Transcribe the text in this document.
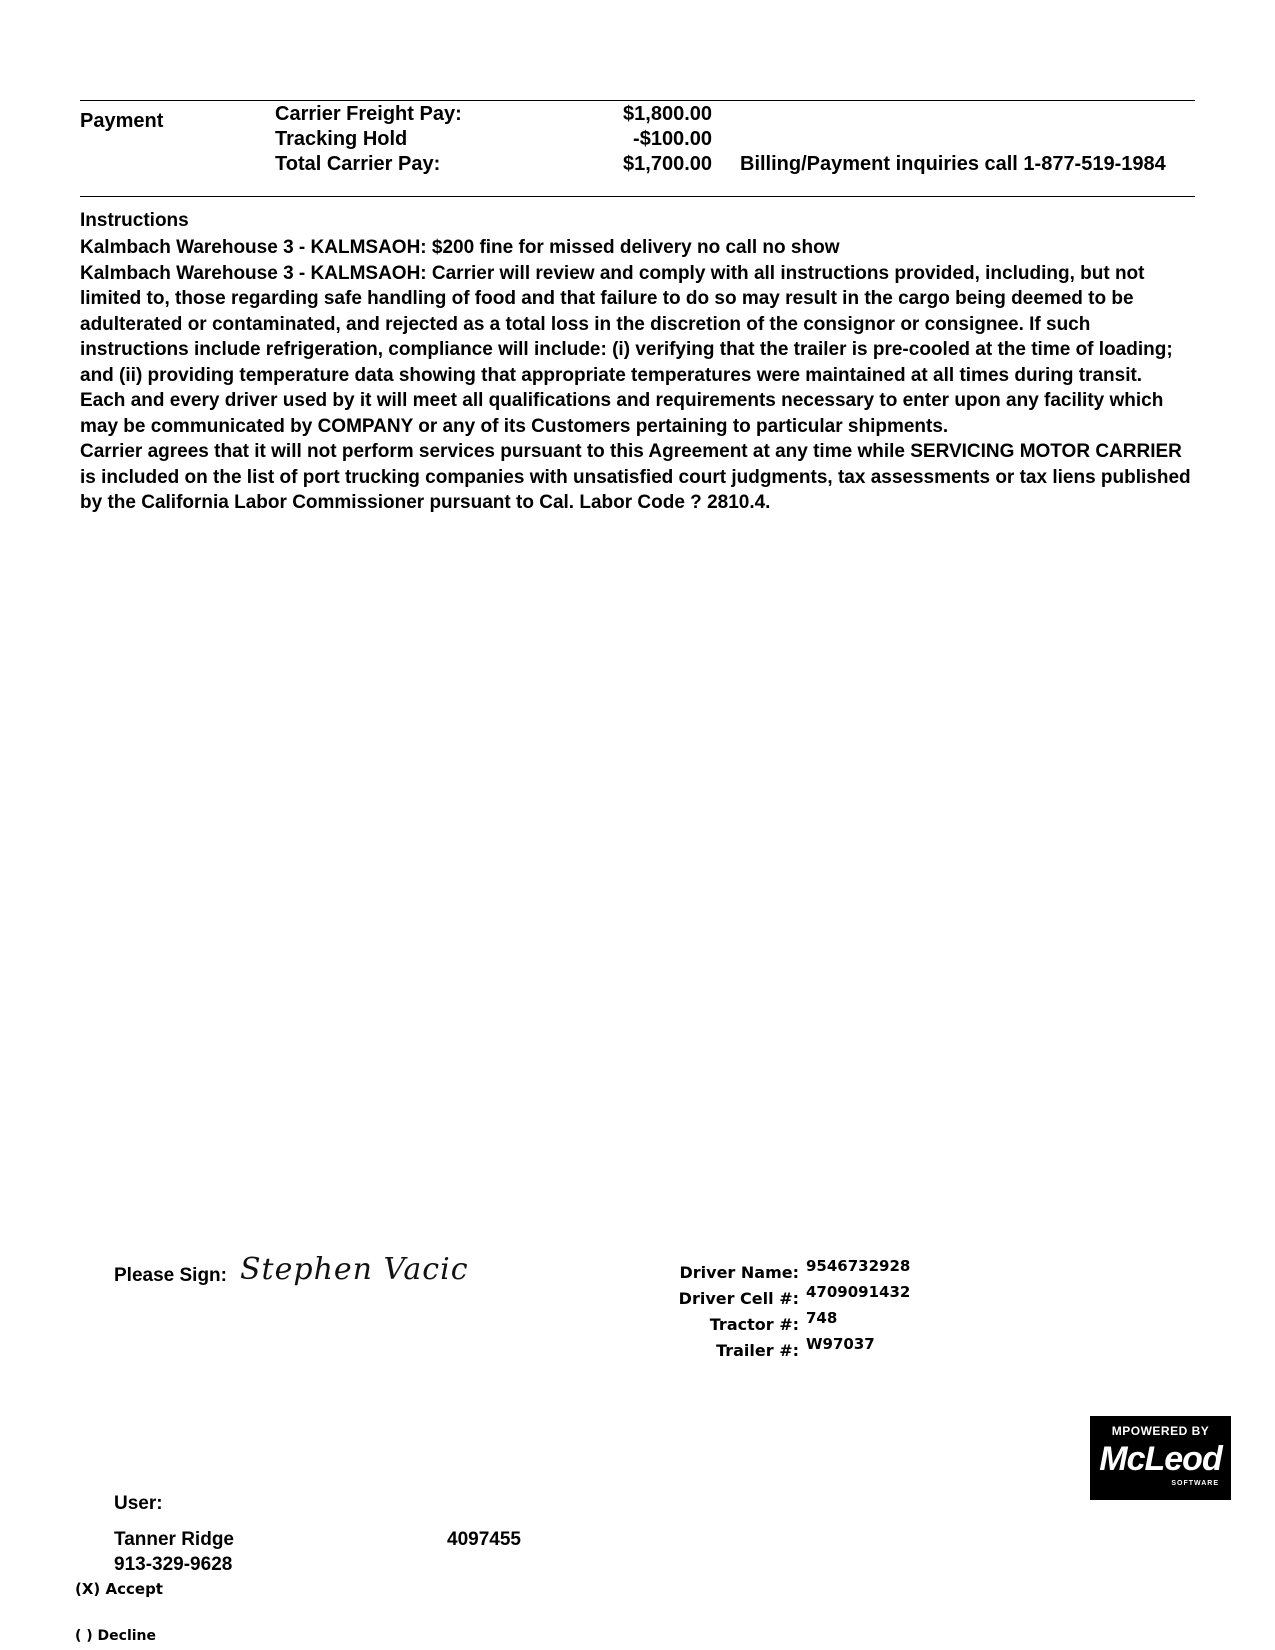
Payment	Carrier Freight Pay:	$1,800.00
Tracking Hold	-$100.00
Total Carrier Pay:	$1,700.00 Billing/Payment inquiries call 1-877-519-1984
Instructions

Kalmbach Warehouse 3 - KALMSAOH: $200 fine for missed delivery no call no show

Kalmbach Warehouse 3 - KALMSAOH: Carrier will review and comply with all instructions provided, including, but not limited to, those regarding safe handling of food and that failure to do so may result in the cargo being deemed to be adulterated or contaminated, and rejected as a total loss in the discretion of the consignor or consignee. If such instructions include refrigeration, compliance will include: (i) verifying that the trailer is pre-cooled at the time of loading; and (ii) providing temperature data showing that appropriate temperatures were maintained at all times during transit.

Each and every driver used by it will meet all qualifications and requirements necessary to enter upon any facility which may be communicated by COMPANY or any of its Customers pertaining to particular shipments.

Carrier agrees that it will not perform services pursuant to this Agreement at any time while SERVICING MOTOR CARRIER is included on the list of port trucking companies with unsatisfied court judgments, tax assessments or tax liens published by the California Labor Commissioner pursuant to Cal. Labor Code ? 2810.4.

Please Sign: Stephen Vacic	Driver Name: 9546732928
Driver Cell #: 4709091432
Tractor #: 748
Trailer #: W97037
MPOWERED BY
McLeod
SOFTWARE
User:
Tanner Ridge
913-329-9628
4097455
(X) Accept
( ) Decline
